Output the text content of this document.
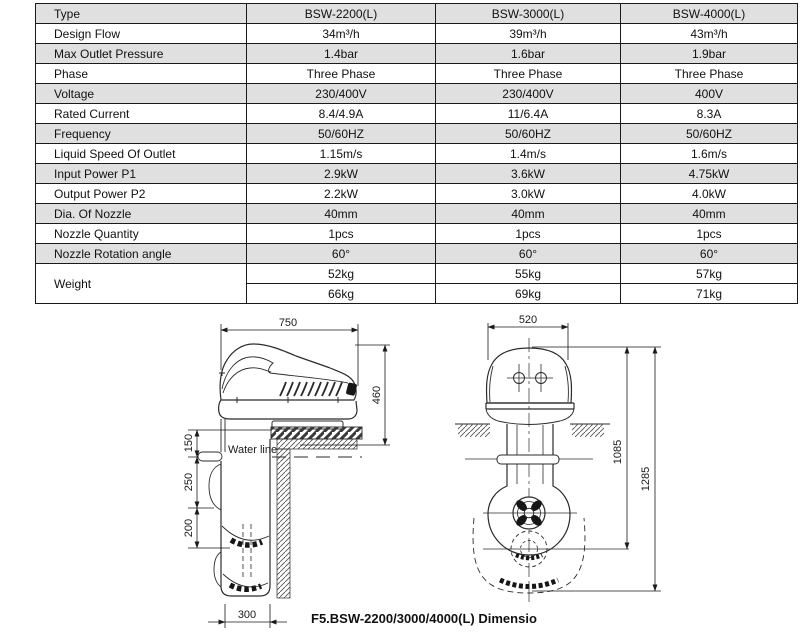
Type	BSW-2200(L)	BSW-3000(L)	BSW-4000(L)
Design Flow	34m³/h	39m³/h	43m³/h
Max Outlet Pressure	1.4bar	1.6bar	1.9bar
Phase	Three Phase	Three Phase	Three Phase
Voltage	230/400V	230/400V	400V
Rated Current	8.4/4.9A	11/6.4A	8.3A
Frequency	50/60HZ	50/60HZ	50/60HZ
Liquid Speed Of Outlet	1.15m/s	1.4m/s	1.6m/s
Input Power P1	2.9kW	3.6kW	4.75kW
Output Power P2	2.2kW	3.0kW	4.0kW
Dia. Of Nozzle	40mm	40mm	40mm
Nozzle Quantity	1pcs	1pcs	1pcs
Nozzle Rotation angle	60°	60°	60°
Weight	52kg	55kg	57kg
	66kg	69kg	71kg
750
460
150
250
200
300
Water line
520
1085
1285
F5.BSW-2200/3000/4000(L) Dimensio
